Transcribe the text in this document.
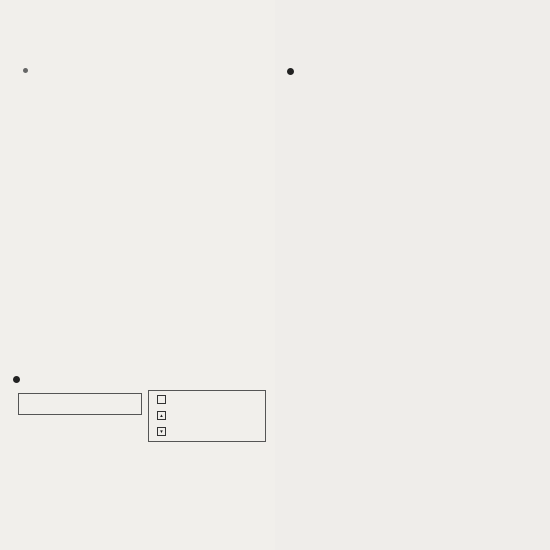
▲
▼
